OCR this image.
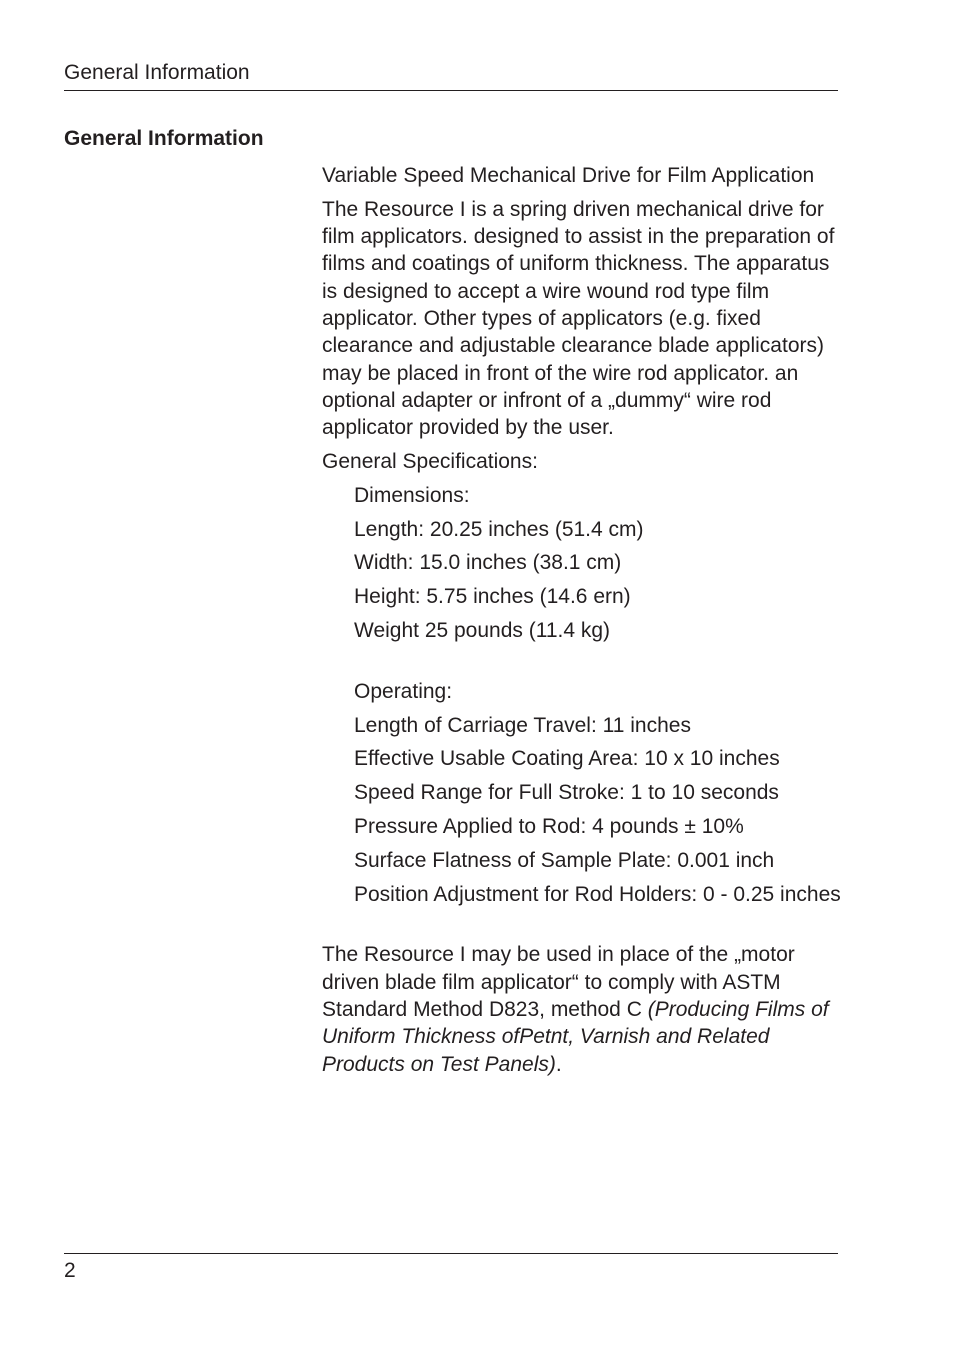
General Information
General Information

Variable Speed Mechanical Drive for Film Application

The Resource I is a spring driven mechanical drive for film applicators. designed to assist in the preparation of films and coatings of uniform thickness. The apparatus is designed to accept a wire wound rod type film applicator. Other types of applicators (e.g. fixed clearance and adjustable clearance blade applicators) may be placed in front of the wire rod applicator. an optional adapter or infront of a „dummy“ wire rod applicator provided by the user.

General Specifications:

Dimensions:

Length: 20.25 inches (51.4 cm)

Width: 15.0 inches (38.1 cm)

Height: 5.75 inches (14.6 ern)

Weight 25 pounds (11.4 kg)

Operating:

Length of Carriage Travel: 11 inches

Effective Usable Coating Area: 10 x 10 inches

Speed Range for Full Stroke: 1 to 10 seconds

Pressure Applied to Rod: 4 pounds ± 10%

Surface Flatness of Sample Plate: 0.001 inch

Position Adjustment for Rod Holders: 0 - 0.25 inches

The Resource I may be used in place of the „motor driven blade film applicator“ to comply with ASTM Standard Method D823, method C (Producing Films of Uniform Thickness ofPetnt, Varnish and Related Products on Test Panels).

2
